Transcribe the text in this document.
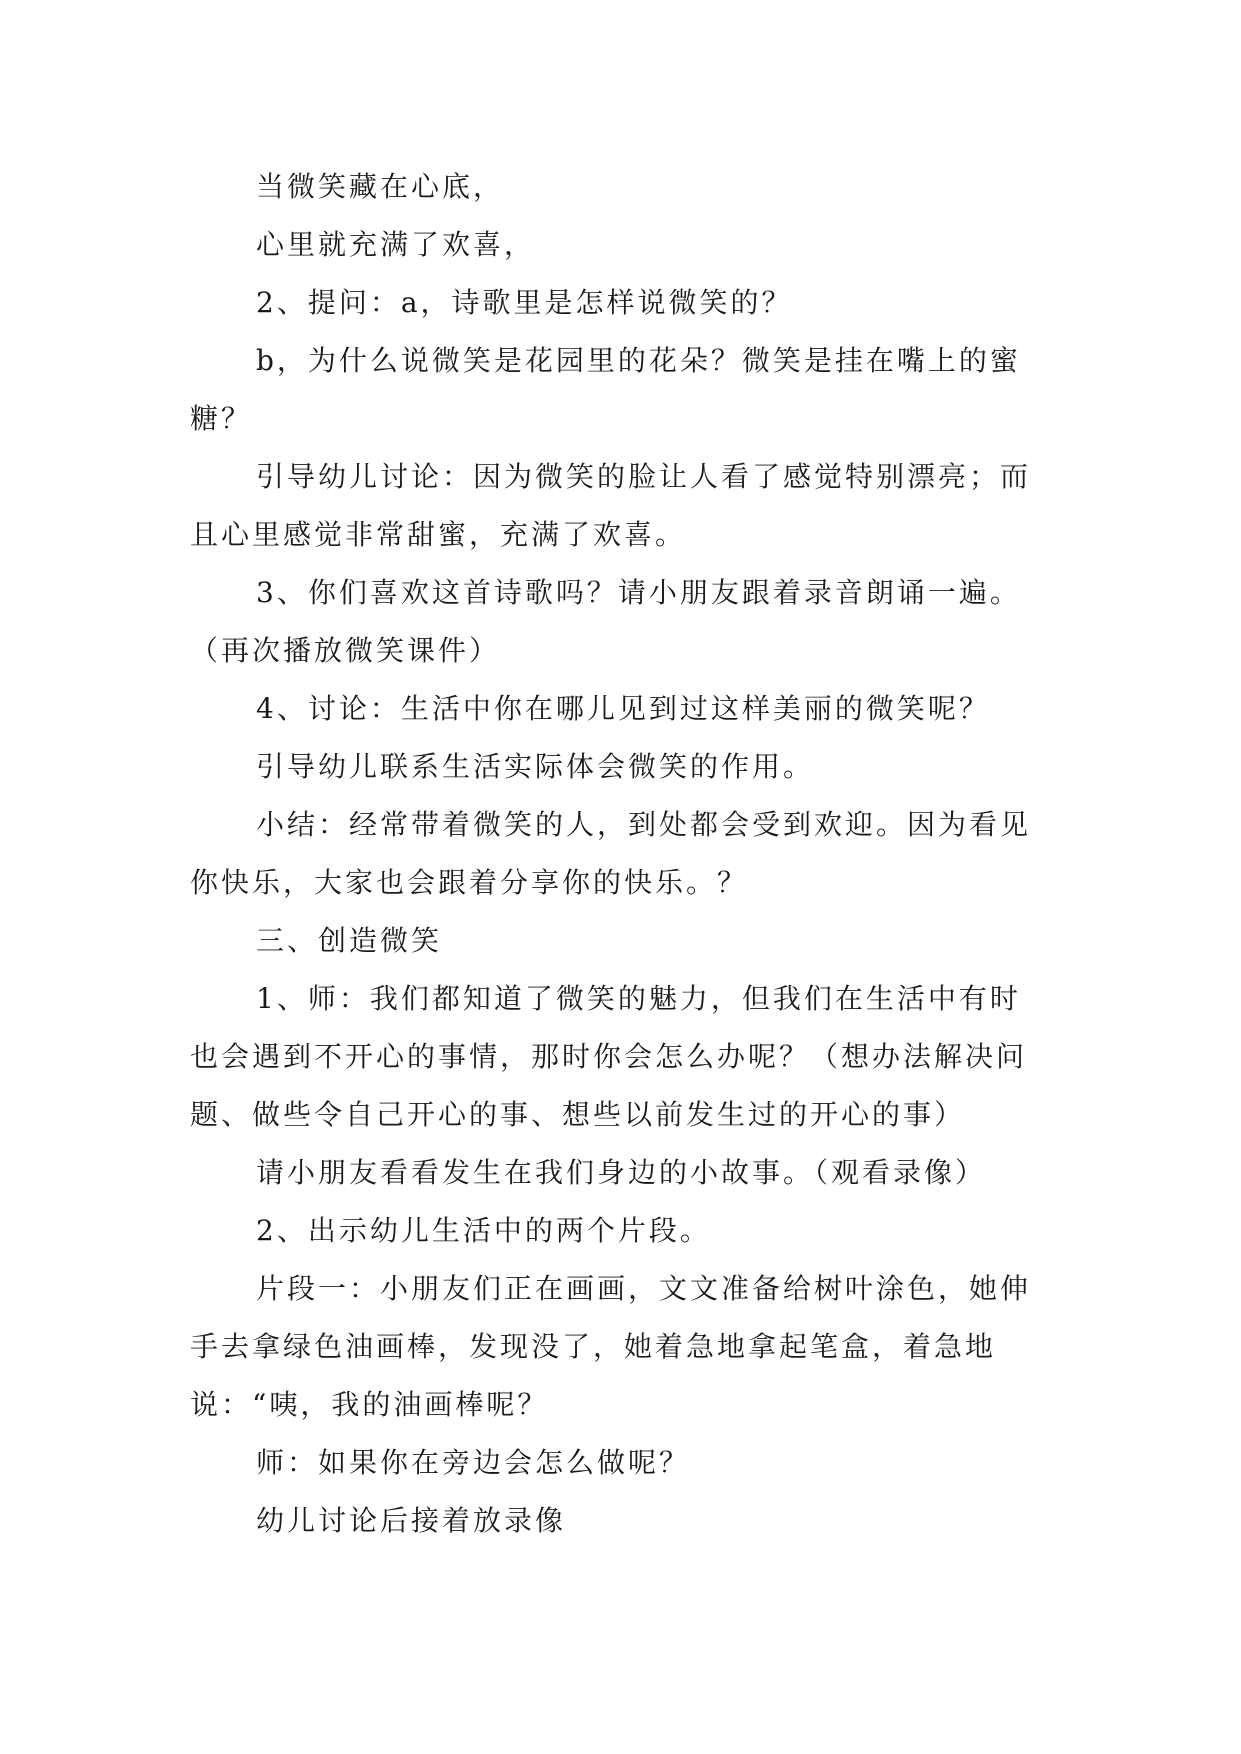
当微笑藏在心底，

心里就充满了欢喜，

2、提问：a，诗歌里是怎样说微笑的？

b，为什么说微笑是花园里的花朵？微笑是挂在嘴上的蜜糖？

引导幼儿讨论：因为微笑的脸让人看了感觉特别漂亮；而且心里感觉非常甜蜜，充满了欢喜。

3、你们喜欢这首诗歌吗？请小朋友跟着录音朗诵一遍。（再次播放微笑课件）

4、讨论：生活中你在哪儿见到过这样美丽的微笑呢？

引导幼儿联系生活实际体会微笑的作用。

小结：经常带着微笑的人，到处都会受到欢迎。因为看见你快乐，大家也会跟着分享你的快乐。？

三、创造微笑

1、师：我们都知道了微笑的魅力，但我们在生活中有时也会遇到不开心的事情，那时你会怎么办呢？（想办法解决问题、做些令自己开心的事、想些以前发生过的开心的事）

请小朋友看看发生在我们身边的小故事。（观看录像）

2、出示幼儿生活中的两个片段。

片段一：小朋友们正在画画，文文准备给树叶涂色，她伸手去拿绿色油画棒，发现没了，她着急地拿起笔盒，着急地说：“咦，我的油画棒呢？

师：如果你在旁边会怎么做呢？

幼儿讨论后接着放录像
